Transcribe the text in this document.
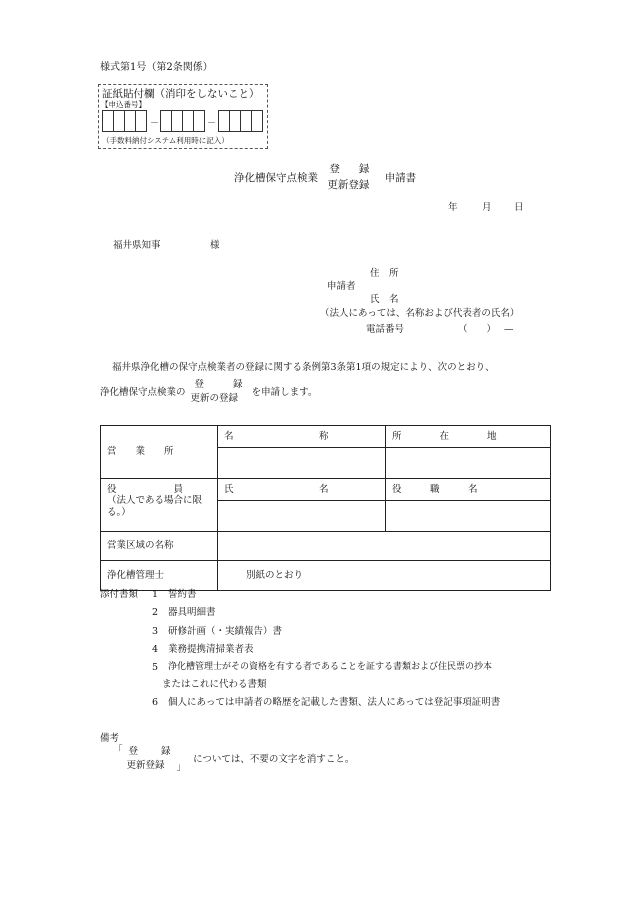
様式第1号（第2条関係）
証紙貼付欄（消印をしないこと）
【申込番号】
－	－
（手数料納付システム利用時に記入）
浄化槽保守点検業
登 録
更新登録
申請書
年	月 日
福井県知事	様
住　所
申請者
氏　名
（法人にあっては、名称および代表者の氏名）
電話番号	（　　） —
福井県浄化槽の保守点検業者の登録に関する条例第3条第1項の規定により、次のとおり、
浄化槽保守点検業の
登	録
更新の登録
を申請します。
営　　業　　所	名　　　　　　　　　称	所　　　　在　　　　地

役　　　　　　員
（法人である場合に限る。）	氏　　　　　　　　　名	役　　　職　　　名

営業区域の名称		
浄化槽管理士	別紙のとおり	
添付書類 1 誓約書
2 器具明細書
3 研修計画（・実績報告）書
4 業務提携清掃業者表
5 浄化槽管理士がその資格を有する者であることを証する書類および住民票の抄本
またはこれに代わる書類
6 個人にあっては申請者の略歴を記載した書類、法人にあっては登記事項証明書
備考
「 登 録
更新登録	」 については、不要の文字を消すこと。
